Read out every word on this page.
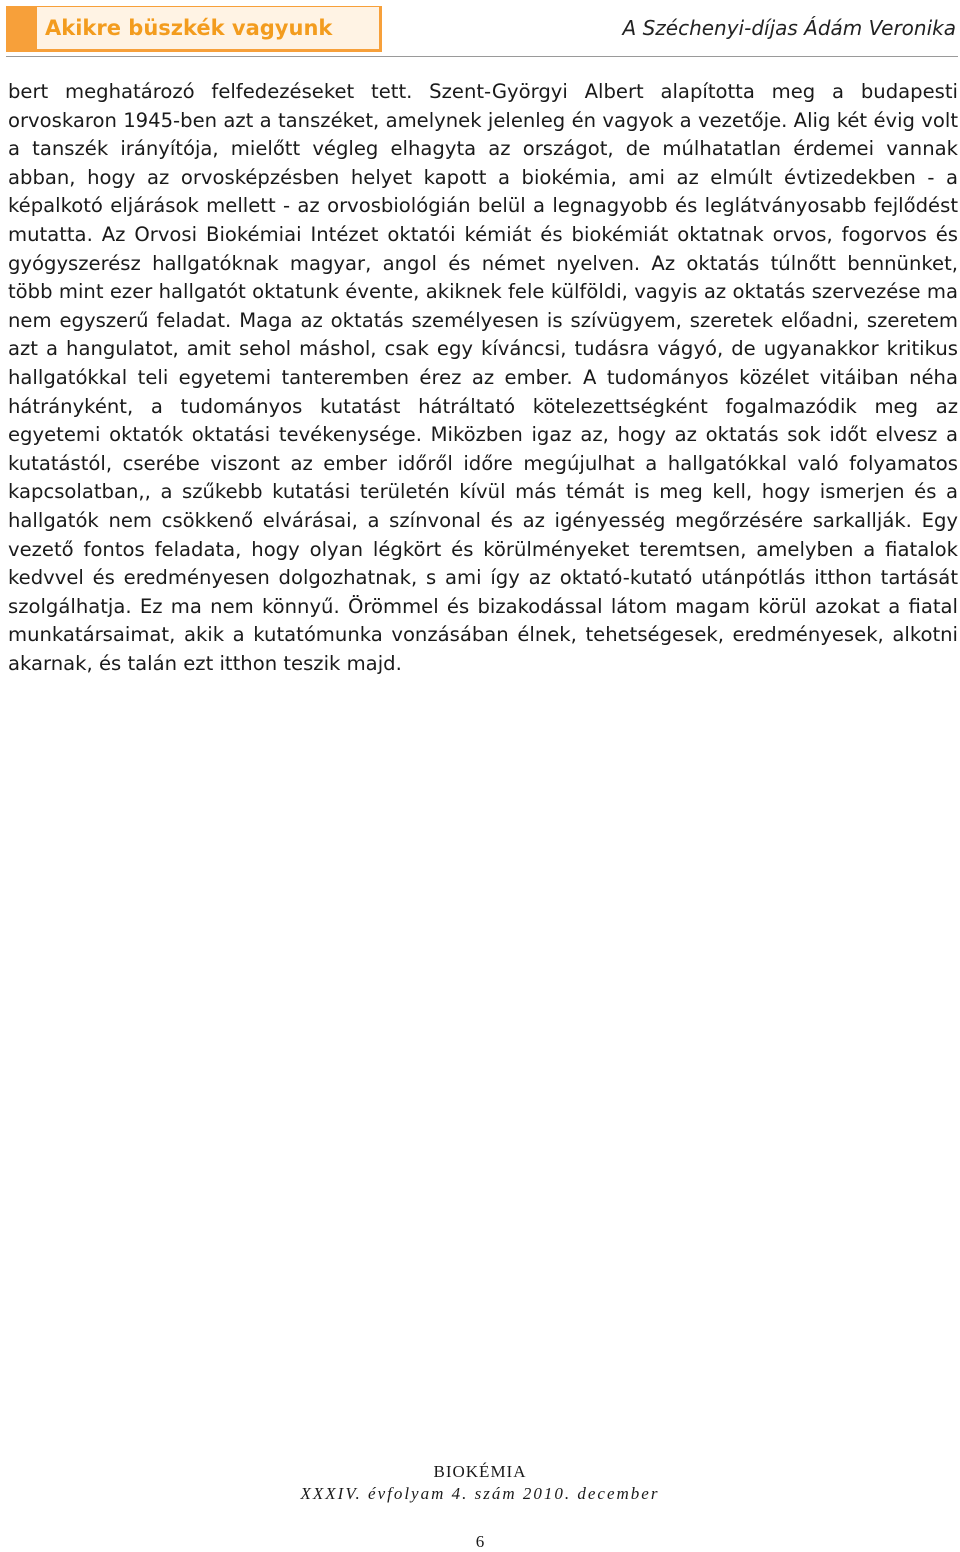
Akikre büszkék vagyunk	A Széchenyi-díjas Ádám Veronika

bert meghatározó felfedezéseket tett. Szent-Györgyi Albert alapította meg a budapesti orvoskaron 1945-ben azt a tanszéket, amelynek jelenleg én vagyok a vezetője. Alig két évig volt a tanszék irányítója, mielőtt végleg elhagyta az országot, de múlhatatlan érdemei vannak abban, hogy az orvosképzésben helyet kapott a biokémia, ami az elmúlt évtizedekben - a képalkotó eljárások mellett - az orvosbiológián belül a legnagyobb és leglátványosabb fejlődést mutatta. Az Orvosi Biokémiai Intézet oktatói kémiát és biokémiát oktatnak orvos, fogorvos és gyógyszerész hallgatóknak magyar, angol és német nyelven. Az oktatás túlnőtt bennünket, több mint ezer hallgatót oktatunk évente, akiknek fele külföldi, vagyis az oktatás szervezése ma nem egyszerű feladat. Maga az oktatás személyesen is szívügyem, szeretek előadni, szeretem azt a hangulatot, amit sehol máshol, csak egy kíváncsi, tudásra vágyó, de ugyanakkor kritikus hallgatókkal teli egyetemi tanteremben érez az ember. A tudományos közélet vitáiban néha hátrányként, a tudományos kutatást hátráltató kötelezettségként fogalmazódik meg az egyetemi oktatók oktatási tevékenysége. Miközben igaz az, hogy az oktatás sok időt elvesz a kutatástól, cserébe viszont az ember időről időre megújulhat a hallgatókkal való folyamatos kapcsolatban,, a szűkebb kutatási területén kívül más témát is meg kell, hogy ismerjen és a hallgatók nem csökkenő elvárásai, a színvonal és az igényesség megőrzésére sarkallják. Egy vezető fontos feladata, hogy olyan légkört és körülményeket teremtsen, amelyben a fiatalok kedvvel és eredményesen dolgozhatnak, s ami így az oktató-kutató utánpótlás itthon tartását szolgálhatja. Ez ma nem könnyű. Örömmel és bizakodással látom magam körül azokat a fiatal munkatársaimat, akik a kutatómunka vonzásában élnek, tehetségesek, eredményesek, alkotni akarnak, és talán ezt itthon teszik majd.

BIOKÉMIA
XXXIV. évfolyam 4. szám 2010. december
6
